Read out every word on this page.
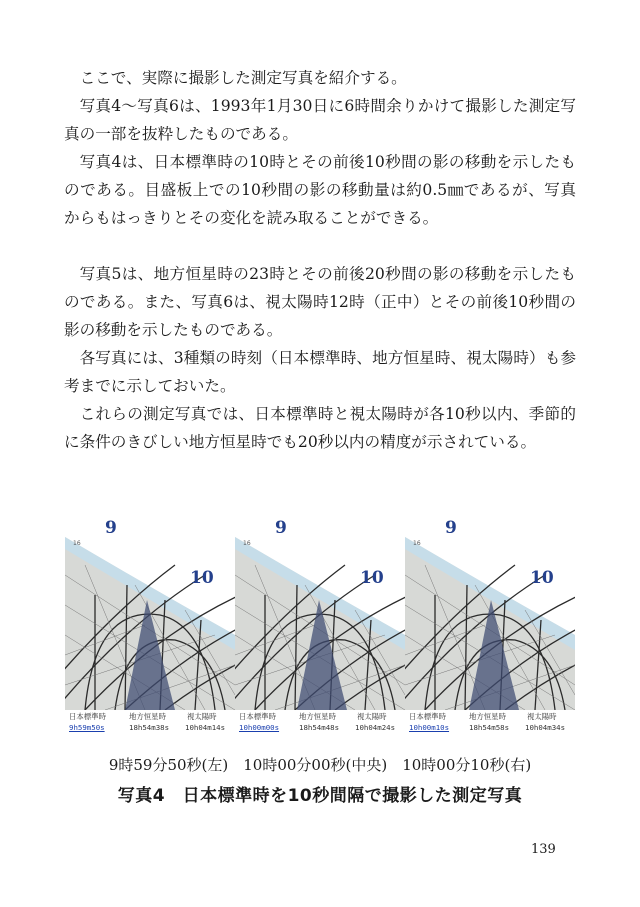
ここで、実際に撮影した測定写真を紹介する。

写真4〜写真6は、1993年1月30日に6時間余りかけて撮影した測定写真の一部を抜粋したものである。

写真4は、日本標準時の10時とその前後10秒間の影の移動を示したものである。目盛板上での10秒間の影の移動量は約0.5㎜であるが、写真からもはっきりとその変化を読み取ることができる。

写真5は、地方恒星時の23時とその前後20秒間の影の移動を示したものである。また、写真6は、視太陽時12時（正中）とその前後10秒間の影の移動を示したものである。

各写真には、3種類の時刻（日本標準時、地方恒星時、視太陽時）も参考までに示しておいた。

これらの測定写真では、日本標準時と視太陽時が各10秒以内、季節的に条件のきびしい地方恒星時でも20秒以内の精度が示されている。

9
10
16
日本標準時	地方恒星時	視太陽時
9h59m50s	18h54m38s 10h04m14s
9
10
16
日本標準時	地方恒星時	視太陽時
10h00m00s	18h54m48s 10h04m24s
9
10
16
日本標準時	地方恒星時	視太陽時
10h00m10s	18h54m58s 10h04m34s
9時59分50秒(左)　10時00分00秒(中央)　10時00分10秒(右)
写真4　日本標準時を10秒間隔で撮影した測定写真
139
